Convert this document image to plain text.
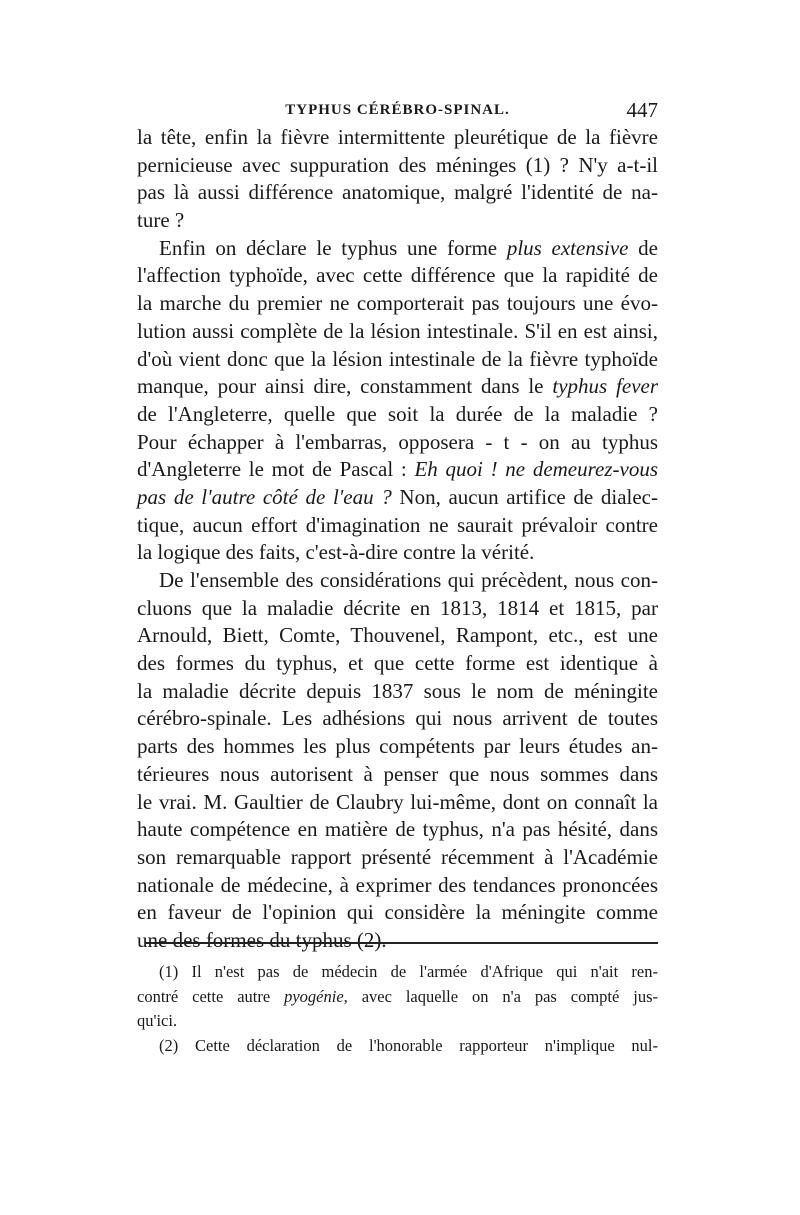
TYPHUS CÉRÉBRO-SPINAL.	447
la tête, enfin la fièvre intermittente pleurétique de la fièvre
pernicieuse avec suppuration des méninges (1) ? N'y a-t-il
pas là aussi différence anatomique, malgré l'identité de na-
ture ?
Enfin on déclare le typhus une forme plus extensive de
l'affection typhoïde, avec cette différence que la rapidité de
la marche du premier ne comporterait pas toujours une évo-
lution aussi complète de la lésion intestinale. S'il en est ainsi,
d'où vient donc que la lésion intestinale de la fièvre typhoïde
manque, pour ainsi dire, constamment dans le typhus fever
de l'Angleterre, quelle que soit la durée de la maladie ?
Pour échapper à l'embarras, opposera - t - on au typhus
d'Angleterre le mot de Pascal : Eh quoi ! ne demeurez-vous
pas de l'autre côté de l'eau ? Non, aucun artifice de dialec-
tique, aucun effort d'imagination ne saurait prévaloir contre
la logique des faits, c'est-à-dire contre la vérité.
De l'ensemble des considérations qui précèdent, nous con-
cluons que la maladie décrite en 1813, 1814 et 1815, par
Arnould, Biett, Comte, Thouvenel, Rampont, etc., est une
des formes du typhus, et que cette forme est identique à
la maladie décrite depuis 1837 sous le nom de méningite
cérébro-spinale. Les adhésions qui nous arrivent de toutes
parts des hommes les plus compétents par leurs études an-
térieures nous autorisent à penser que nous sommes dans
le vrai. M. Gaultier de Claubry lui-même, dont on connaît la
haute compétence en matière de typhus, n'a pas hésité, dans
son remarquable rapport présenté récemment à l'Académie
nationale de médecine, à exprimer des tendances prononcées
en faveur de l'opinion qui considère la méningite comme
une des formes du typhus (2).
(1) Il n'est pas de médecin de l'armée d'Afrique qui n'ait ren-
contré cette autre pyogénie, avec laquelle on n'a pas compté jus-
qu'ici.
(2) Cette déclaration de l'honorable rapporteur n'implique nul-
